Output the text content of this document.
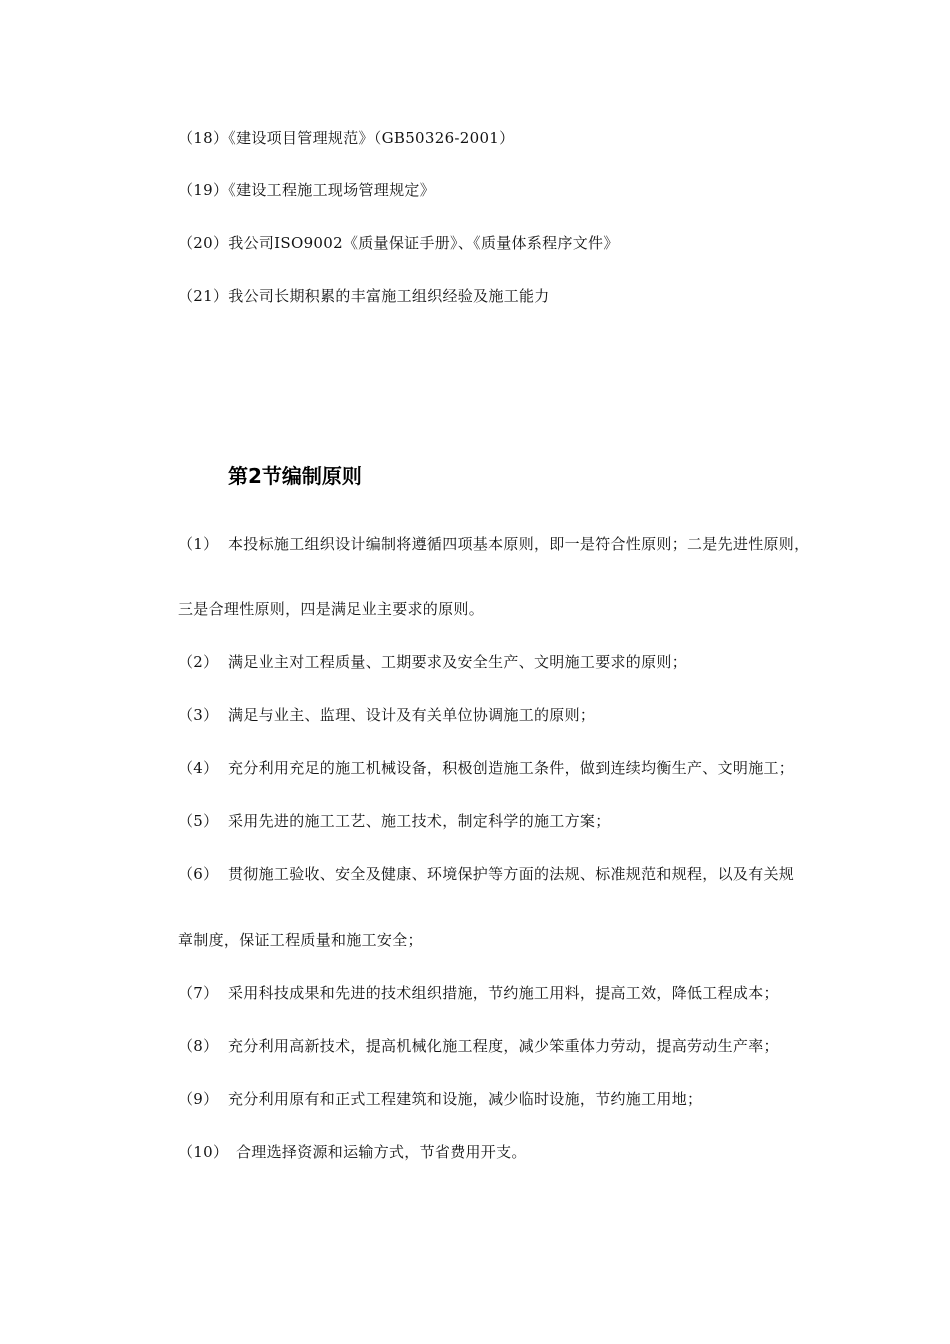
（18）《建设项目管理规范》（GB50326-2001）
（19）《建设工程施工现场管理规定》
（20）我公司ISO9002《质量保证手册》、《质量体系程序文件》
（21）我公司长期积累的丰富施工组织经验及施工能力
第2节编制原则
（1） 本投标施工组织设计编制将遵循四项基本原则，即一是符合性原则；二是先进性原则，
三是合理性原则，四是满足业主要求的原则。
（2） 满足业主对工程质量、工期要求及安全生产、文明施工要求的原则；
（3） 满足与业主、监理、设计及有关单位协调施工的原则；
（4） 充分利用充足的施工机械设备，积极创造施工条件，做到连续均衡生产、文明施工；
（5） 采用先进的施工工艺、施工技术，制定科学的施工方案；
（6） 贯彻施工验收、安全及健康、环境保护等方面的法规、标准规范和规程，以及有关规
章制度，保证工程质量和施工安全；
（7） 采用科技成果和先进的技术组织措施，节约施工用料，提高工效，降低工程成本；
（8） 充分利用高新技术，提高机械化施工程度，减少笨重体力劳动，提高劳动生产率；
（9） 充分利用原有和正式工程建筑和设施，减少临时设施，节约施工用地；
（10） 合理选择资源和运输方式，节省费用开支。
